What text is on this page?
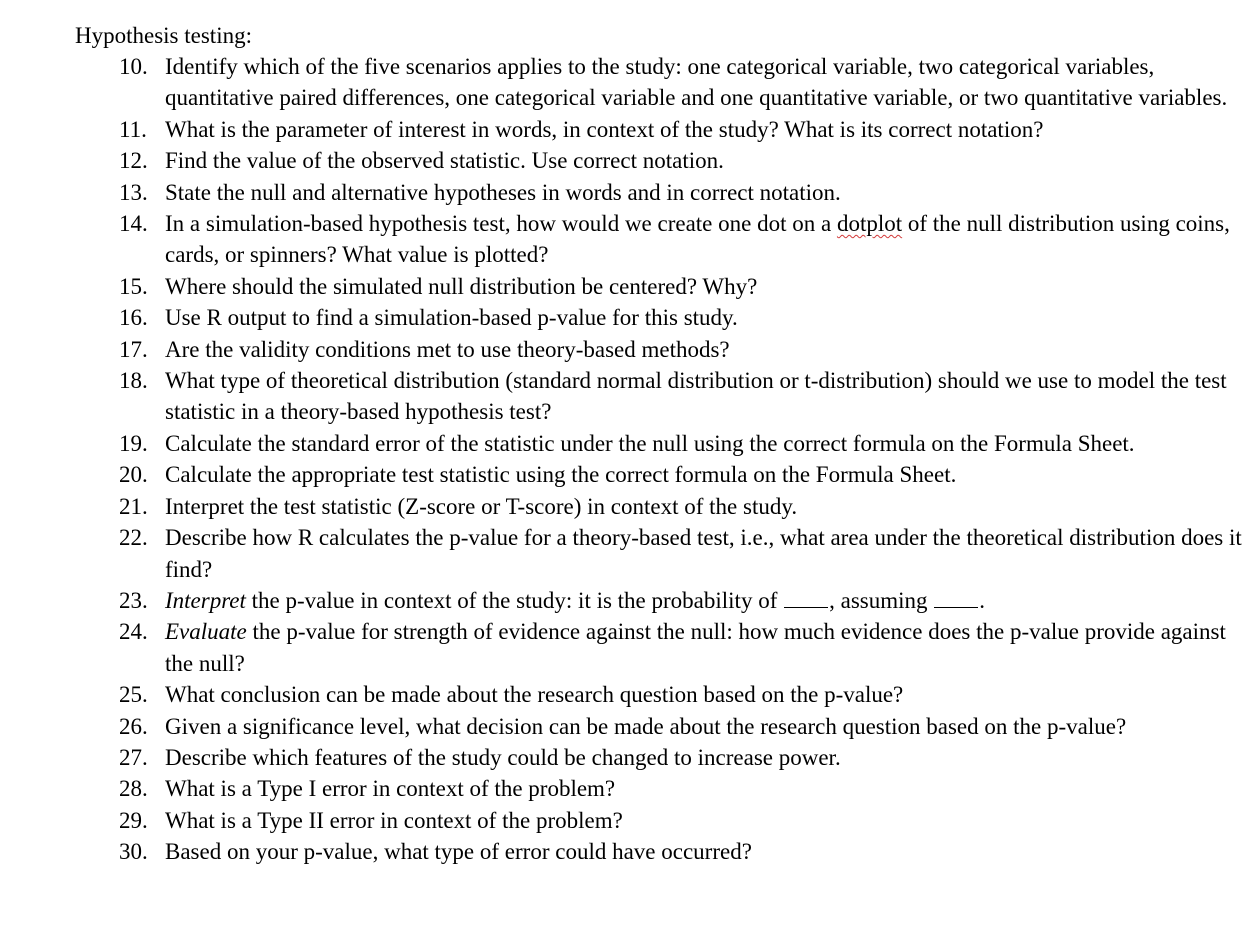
Hypothesis testing:
10. Identify which of the five scenarios applies to the study: one categorical variable, two categorical variables, quantitative paired differences, one categorical variable and one quantitative variable, or two quantitative variables.
11. What is the parameter of interest in words, in context of the study? What is its correct notation?
12. Find the value of the observed statistic. Use correct notation.
13. State the null and alternative hypotheses in words and in correct notation.
14. In a simulation-based hypothesis test, how would we create one dot on a dotplot of the null distribution using coins, cards, or spinners? What value is plotted?
15. Where should the simulated null distribution be centered? Why?
16. Use R output to find a simulation-based p-value for this study.
17. Are the validity conditions met to use theory-based methods?
18. What type of theoretical distribution (standard normal distribution or t-distribution) should we use to model the test statistic in a theory-based hypothesis test?
19. Calculate the standard error of the statistic under the null using the correct formula on the Formula Sheet.
20. Calculate the appropriate test statistic using the correct formula on the Formula Sheet.
21. Interpret the test statistic (Z-score or T-score) in context of the study.
22. Describe how R calculates the p-value for a theory-based test, i.e., what area under the theoretical distribution does it find?
23. Interpret the p-value in context of the study: it is the probability of , assuming .
24. Evaluate the p-value for strength of evidence against the null: how much evidence does the p-value provide against the null?
25. What conclusion can be made about the research question based on the p-value?
26. Given a significance level, what decision can be made about the research question based on the p-value?
27. Describe which features of the study could be changed to increase power.
28. What is a Type I error in context of the problem?
29. What is a Type II error in context of the problem?
30. Based on your p-value, what type of error could have occurred?
